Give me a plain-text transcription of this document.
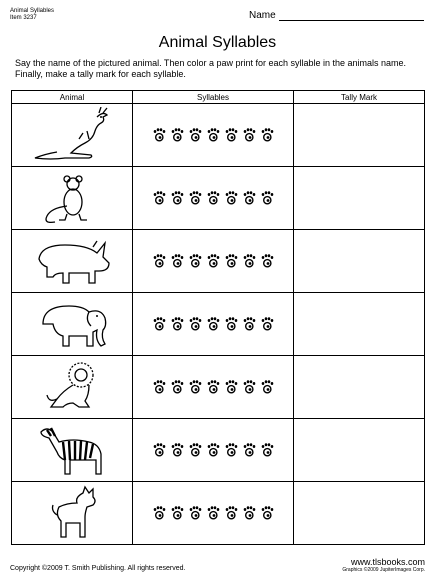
Animal Syllables
Item 3237	Name
Animal Syllables
Say the name of the pictured animal. Then color a paw print for each syllable in the animals name. Finally, make a tally mark for each syllable.
Animal	Syllables	Tally Mark

Copyright ©2009 T. Smith Publishing. All rights reserved.
www.tlsbooks.com
Graphics ©2009 JupiterImages Corp.
